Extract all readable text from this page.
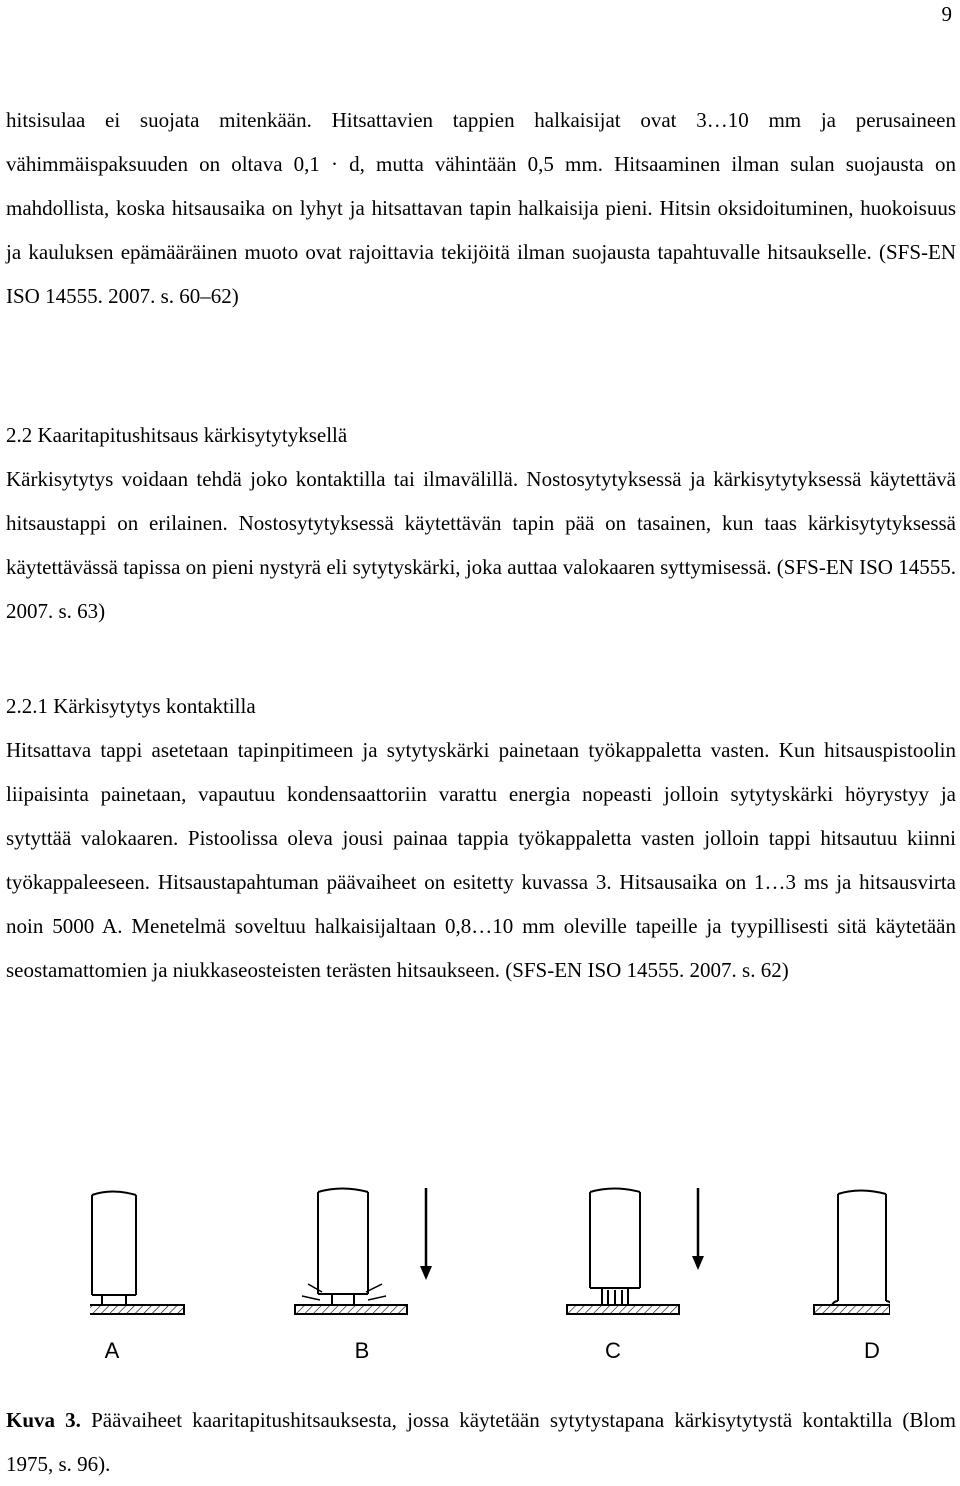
9

hitsisulaa ei suojata mitenkään. Hitsattavien tappien halkaisijat ovat 3…10 mm ja perusaineen vähimmäispaksuuden on oltava 0,1 · d, mutta vähintään 0,5 mm. Hitsaaminen ilman sulan suojausta on mahdollista, koska hitsausaika on lyhyt ja hitsattavan tapin halkaisija pieni. Hitsin oksidoituminen, huokoisuus ja kauluksen epämääräinen muoto ovat rajoittavia tekijöitä ilman suojausta tapahtuvalle hitsaukselle. (SFS-EN ISO 14555. 2007. s. 60–62)

2.2 Kaaritapitushitsaus kärkisytytyksellä

Kärkisytytys voidaan tehdä joko kontaktilla tai ilmavälillä. Nostosytytyksessä ja kärkisytytyksessä käytettävä hitsaustappi on erilainen. Nostosytytyksessä käytettävän tapin pää on tasainen, kun taas kärkisytytyksessä käytettävässä tapissa on pieni nystyrä eli sytytyskärki, joka auttaa valokaaren syttymisessä. (SFS-EN ISO 14555. 2007. s. 63)

2.2.1 Kärkisytytys kontaktilla

Hitsattava tappi asetetaan tapinpitimeen ja sytytyskärki painetaan työkappaletta vasten. Kun hitsauspistoolin liipaisinta painetaan, vapautuu kondensaattoriin varattu energia nopeasti jolloin sytytyskärki höyrystyy ja sytyttää valokaaren. Pistoolissa oleva jousi painaa tappia työkappaletta vasten jolloin tappi hitsautuu kiinni työkappaleeseen. Hitsaustapahtuman päävaiheet on esitetty kuvassa 3. Hitsausaika on 1…3 ms ja hitsausvirta noin 5000 A. Menetelmä soveltuu halkaisijaltaan 0,8…10 mm oleville tapeille ja tyypillisesti sitä käytetään seostamattomien ja niukkaseosteisten terästen hitsaukseen. (SFS-EN ISO 14555. 2007. s. 62)

A	B	C	D
Kuva 3. Päävaiheet kaaritapitushitsauksesta, jossa käytetään sytytystapana kärkisytytystä kontaktilla (Blom 1975, s. 96).
